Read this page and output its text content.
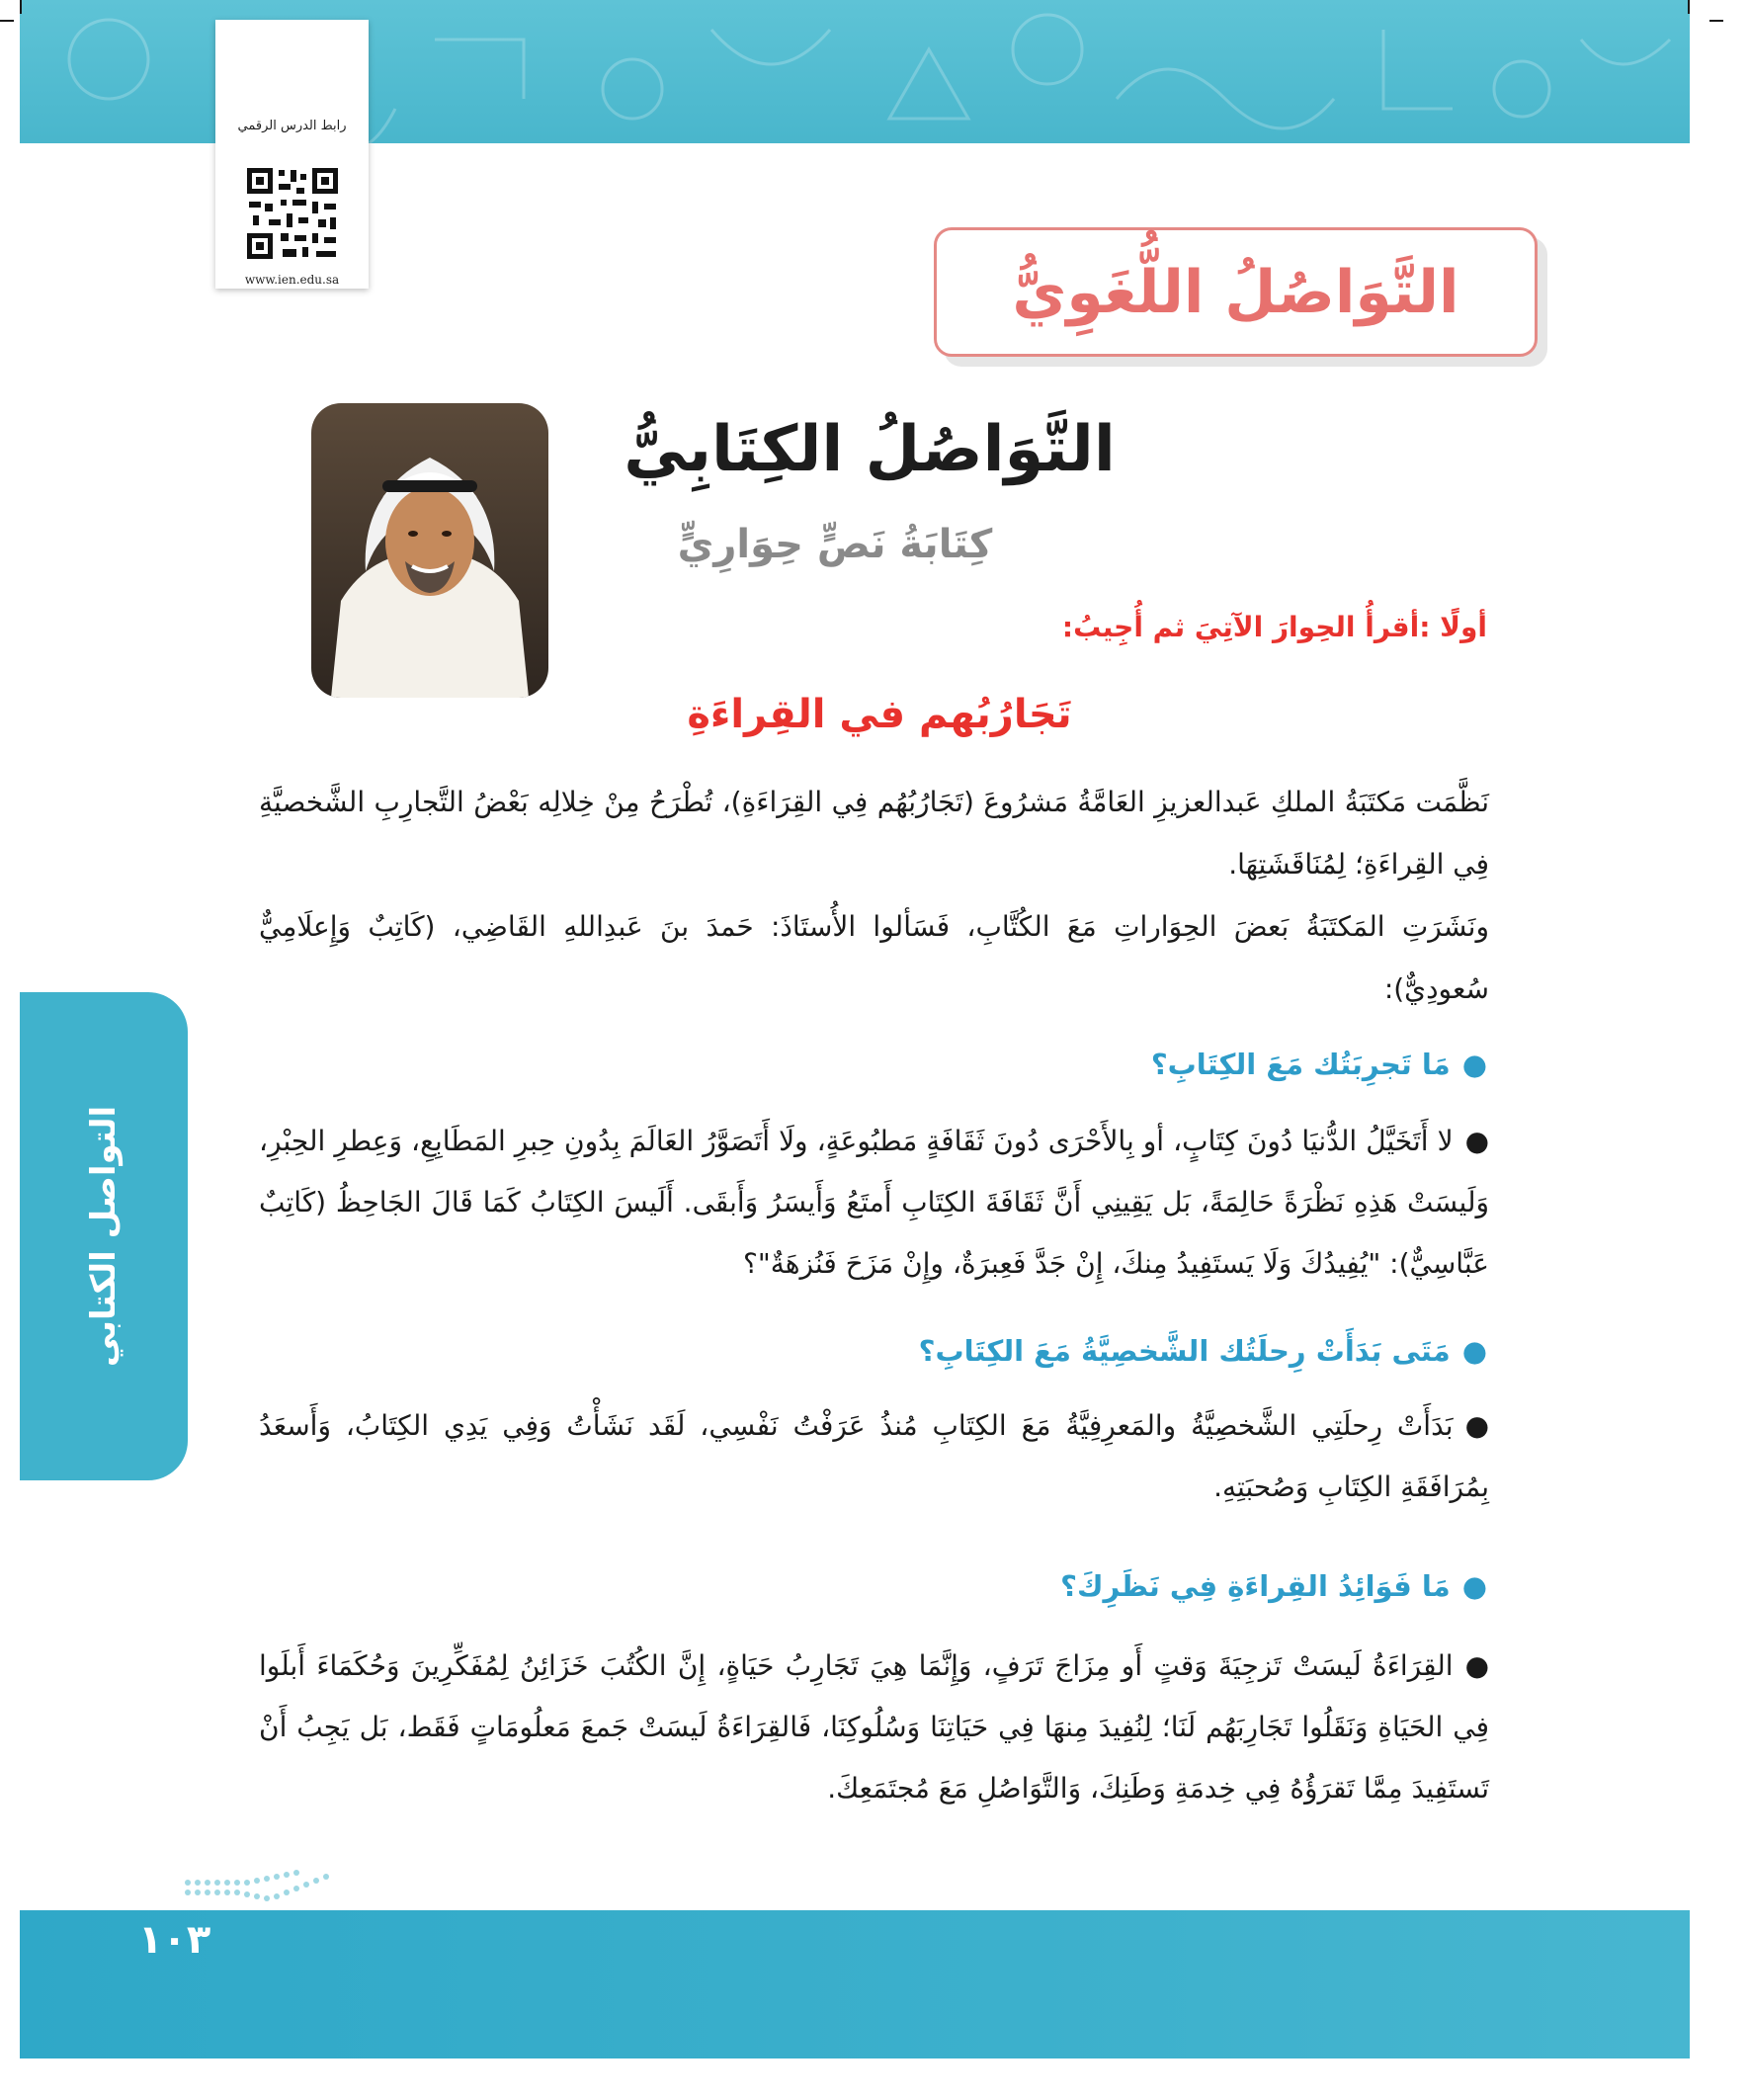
رابط الدرس الرقمي
www.ien.edu.sa	التَّوَاصُلُ اللُّغَوِيُّ
التَّوَاصُلُ الكِتَابِيُّ
كِتَابَةُ نَصٍّ حِوَارِيٍّ

أولًا :أقرأُ الحِوارَ الآتِيَ ثم أُجِيبُ:

تَجَارُبُهم في القِراءَةِ

نَظَّمَت مَكتَبَةُ الملكِ عَبدالعزيزِ العَامَّةُ مَشرُوعَ (تَجَارُبُهُم فِي القِرَاءَةِ)، تُطْرَحُ مِنْ خِلالِه بَعْضُ التَّجارِبِ الشَّخصيَّةِ فِي القِراءَةِ؛ لِمُنَاقَشَتِهَا.

ونَشَرَتِ المَكتَبَةُ بَعضَ الحِوَاراتِ مَعَ الكُتَّابِ، فَسَألوا الأُستَاذَ: حَمدَ بنَ عَبدِاللهِ القَاضِي، (كَاتِبٌ وَإِعلَامِيٌّ سُعودِيٌّ):

●مَا تَجرِبَتُك مَعَ الكِتَابِ؟

●لا أَتَخَيَّلُ الدُّنيَا دُونَ كِتَابٍ، أو بِالأَحْرَى دُونَ ثَقَافَةٍ مَطبُوعَةٍ، ولَا أَتَصَوَّرُ العَالَمَ بِدُونِ حِبرِ المَطَابِعِ، وَعِطرِ الحِبْرِ، وَلَيسَتْ هَذِهِ نَظْرَةً حَالِمَةً، بَل يَقِينِي أَنَّ ثَقَافَةَ الكِتَابِ أَمتَعُ وَأَيسَرُ وَأَبقَى. أَلَيسَ الكِتَابُ كَمَا قَالَ الجَاحِظُ (كَاتِبٌ عَبَّاسِيٌّ): "يُفِيدُكَ وَلَا يَستَفِيدُ مِنكَ، إِنْ جَدَّ فَعِبرَةٌ، وإِنْ مَزَحَ فَنُزهَةٌ"؟

●مَتَى بَدَأَتْ رِحلَتُك الشَّخصِيَّةُ مَعَ الكِتَابِ؟

●بَدَأَتْ رِحلَتِي الشَّخصِيَّةُ والمَعرِفِيَّةُ مَعَ الكِتَابِ مُنذُ عَرَفْتُ نَفْسِي، لَقَد نَشَأْتُ وَفِي يَدِي الكِتَابُ، وَأَسعَدُ بِمُرَافَقَةِ الكِتَابِ وَصُحبَتِهِ.

●مَا فَوَائِدُ القِراءَةِ فِي نَظَرِكَ؟

●القِرَاءَةُ لَيسَتْ تَزجِيَةَ وَقتٍ أَو مِزَاجَ تَرَفٍ، وَإِنَّمَا هِيَ تَجَارِبُ حَيَاةٍ، إِنَّ الكُتُبَ خَزَائِنُ لِمُفَكِّرِينَ وَحُكَمَاءَ أَبلَوا فِي الحَيَاةِ وَنَقَلُوا تَجَارِبَهُم لَنَا؛ لِنُفِيدَ مِنهَا فِي حَيَاتِنَا وَسُلُوكِنَا، فَالقِرَاءَةُ لَيسَتْ جَمعَ مَعلُومَاتٍ فَقَط، بَل يَجِبُ أَنْ تَستَفِيدَ مِمَّا تَقرَؤُهُ فِي خِدمَةِ وَطَنِكَ، وَالتَّوَاصُلِ مَعَ مُجتَمَعِكَ.

التواصل الكتابي
١٠٣
